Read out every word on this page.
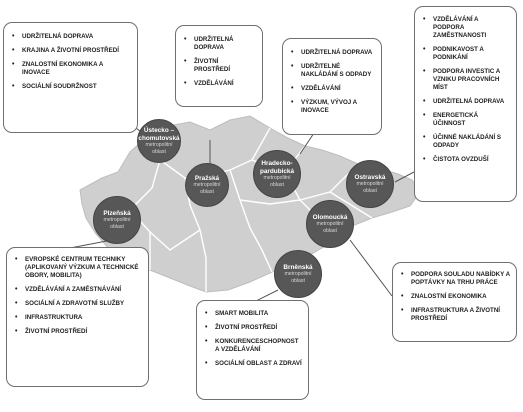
Ústecko –
chomutovská
metropolitní
oblast
Pražská
metropolitní
oblast
Hradecko-
pardubická
metropolitní
oblast
Ostravská
metropolitní
oblast
Olomoucká
metropolitní
oblast
Plzeňská
metropolitní
oblast
Brněnská
metropolitní
oblast
• UDRŽITELNÁ DOPRAVA
• KRAJINA A ŽIVOTNÍ PROSTŘEDÍ
• ZNALOSTNÍ EKONOMIKA A INOVACE
• SOCIÁLNÍ SOUDRŽNOST
• UDRŽITELNÁ DOPRAVA
• ŽIVOTNÍ PROSTŘEDÍ
• VZDĚLÁVÁNÍ
• UDRŽITELNÁ DOPRAVA
• UDRŽITELNÉ NAKLÁDÁNÍ S ODPADY
• VZDĚLÁVÁNÍ
• VÝZKUM, VÝVOJ A INOVACE
• VZDĚLÁVÁNÍ A PODPORA ZAMĚSTNANOSTI
• PODNIKAVOST A PODNIKÁNÍ
• PODPORA INVESTIC A VZNIKU PRACOVNÍCH MÍST
• UDRŽITELNÁ DOPRAVA
• ENERGETICKÁ ÚČINNOST
• ÚČINNÉ NAKLÁDÁNÍ S ODPADY
• ČISTOTA OVZDUŠÍ
• PODPORA SOULADU NABÍDKY A POPTÁVKY NA TRHU PRÁCE
• ZNALOSTNÍ EKONOMIKA
• INFRASTRUKTURA A ŽIVOTNÍ PROSTŘEDÍ
• EVROPSKÉ CENTRUM TECHNIKY (APLIKOVANÝ VÝZKUM A TECHNICKÉ OBORY, MOBILITA)
• VZDĚLÁVÁNÍ A ZAMĚSTNÁVÁNÍ
• SOCIÁLNÍ A ZDRAVOTNÍ SLUŽBY
• INFRASTRUKTURA
• ŽIVOTNÍ PROSTŘEDÍ
• SMART MOBILITA
• ŽIVOTNÍ PROSTŘEDÍ
• KONKURENCESCHOPNOST A VZDĚLÁVÁNÍ
• SOCIÁLNÍ OBLAST A ZDRAVÍ
